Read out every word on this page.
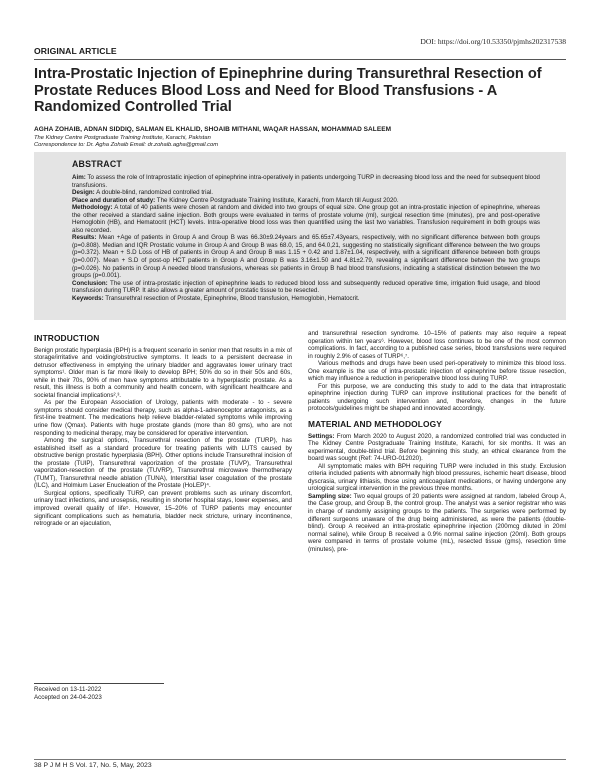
DOI: https://doi.org/10.53350/pjmhs202317538
ORIGINAL ARTICLE
Intra-Prostatic Injection of Epinephrine during Transurethral Resection of Prostate Reduces Blood Loss and Need for Blood Transfusions - A Randomized Controlled Trial
AGHA ZOHAIB, ADNAN SIDDIQ, SALMAN EL KHALID, SHOAIB MITHANI, WAQAR HASSAN, MOHAMMAD SALEEM
The Kidney Centre Postgraduate Training Institute, Karachi, Pakistan
Correspondence to: Dr. Agha Zohaib Email: dr.zohaib.agha@gmail.com
ABSTRACT

Aim: To assess the role of Intraprostatic injection of epinephrine intra-operatively in patients undergoing TURP in decreasing blood loss and the need for subsequent blood transfusions.

Design: A double-blind, randomized controlled trial.

Place and duration of study: The Kidney Centre Postgraduate Training Institute, Karachi, from March till August 2020.

Methodology: A total of 40 patients were chosen at random and divided into two groups of equal size. One group got an intra-prostatic injection of epinephrine, whereas the other received a standard saline injection. Both groups were evaluated in terms of prostate volume (ml), surgical resection time (minutes), pre and post-operative Hemoglobin (HB), and Hematocrit (HCT) levels. Intra-operative blood loss was then quantified using the last two variables. Transfusion requirement in both groups was also recorded.

Results: Mean +Age of patients in Group A and Group B was 66.30±9.24years and 65.65±7.43years, respectively, with no significant difference between both groups (p=0.808). Median and IQR Prostatic volume in Group A and Group B was 68.0, 15, and 64.0,21, suggesting no statistically significant difference between the two groups (p=0.372). Mean + S.D Loss of HB of patients in Group A and Group B was 1.15 + 0.42 and 1.87±1.04, respectively, with a significant difference between both groups (p=0.007). Mean + S.D of post-op HCT patients in Group A and Group B was 3.16±1.50 and 4.81±2.79, revealing a significant difference between the two groups (p=0.026). No patients in Group A needed blood transfusions, whereas six patients in Group B had blood transfusions, indicating a statistical distinction between the two groups (p=0.001).

Conclusion: The use of intra-prostatic injection of epinephrine leads to reduced blood loss and subsequently reduced operative time, irrigation fluid usage, and blood transfusion during TURP. It also allows a greater amount of prostatic tissue to be resected.

Keywords: Transurethral resection of Prostate, Epinephrine, Blood transfusion, Hemoglobin, Hematocrit.

INTRODUCTION

Benign prostatic hyperplasia (BPH) is a frequent scenario in senior men that results in a mix of storage/irritative and voiding/obstructive symptoms. It leads to a persistent decrease in detrusor effectiveness in emptying the urinary bladder and aggravates lower urinary tract symptoms¹. Older man is far more likely to develop BPH; 50% do so in their 50s and 60s, while in their 70s, 90% of men have symptoms attributable to a hyperplastic prostate. As a result, this illness is both a community and health concern, with significant healthcare and societal financial implications²,³.

As per the European Association of Urology, patients with moderate - to - severe symptoms should consider medical therapy, such as alpha-1-adrenoceptor antagonists, as a first-line treatment. The medications help relieve bladder-related symptoms while improving urine flow (Qmax). Patients with huge prostate glands (more than 80 gms), who are not responding to medicinal therapy, may be considered for operative intervention.

Among the surgical options, Transurethral resection of the prostate (TURP), has established itself as a standard procedure for treating patients with LUTS caused by obstructive benign prostatic hyperplasia (BPH). Other options include Transurethral incision of the prostate (TUIP), Transurethral vaporization of the prostate (TUVP), Transurethral vaporization-resection of the prostate (TUVRP), Transurethral microwave thermotherapy (TUMT), Transurethral needle ablation (TUNA), Interstitial laser coagulation of the prostate (ILC), and Holmium Laser Enucleation of the Prostate (HoLEP)⁴.

Surgical options, specifically TURP, can prevent problems such as urinary discomfort, urinary tract infections, and urosepsis, resulting in shorter hospital stays, lower expenses, and improved overall quality of life⁵. However, 15–20% of TURP patients may encounter significant complications such as hematuria, bladder neck stricture, urinary incontinence, retrograde or an ejaculation,

Received on 13-11-2022
Accepted on 24-04-2023

and transurethral resection syndrome. 10–15% of patients may also require a repeat operation within ten years⁶. However, blood loss continues to be one of the most common complications. In fact, according to a published case series, blood transfusions were required in roughly 2.9% of cases of TURP⁶,⁷.

Various methods and drugs have been used peri-operatively to minimize this blood loss. One example is the use of intra-prostatic injection of epinephrine before tissue resection, which may influence a reduction in perioperative blood loss during TURP.

For this purpose, we are conducting this study to add to the data that intraprostatic epinephrine injection during TURP can improve institutional practices for the benefit of patients undergoing such intervention and, therefore, changes in the future protocols/guidelines might be shaped and innovated accordingly.

MATERIAL AND METHODOLOGY

Settings: From March 2020 to August 2020, a randomized controlled trial was conducted in The Kidney Centre Postgraduate Training Institute, Karachi, for six months. It was an experimental, double-blind trial. Before beginning this study, an ethical clearance from the board was sought (Ref: 74-URO-012020).

All symptomatic males with BPH requiring TURP were included in this study. Exclusion criteria included patients with abnormally high blood pressures, ischemic heart disease, blood dyscrasia, urinary lithiasis, those using anticoagulant medications, or having undergone any urological surgical intervention in the previous three months.

Sampling size: Two equal groups of 20 patients were assigned at random, labeled Group A, the Case group, and Group B, the control group. The analyst was a senior registrar who was in charge of randomly assigning groups to the patients. The surgeries were performed by different surgeons unaware of the drug being administered, as were the patients (double-blind). Group A received an intra-prostatic epinephrine injection (200mcg diluted in 20ml normal saline), while Group B received a 0.9% normal saline injection (20ml). Both groups were compared in terms of prostate volume (mL), resected tissue (gms), resection time (minutes), pre-

38 P J M H S Vol. 17, No. 5, May, 2023
